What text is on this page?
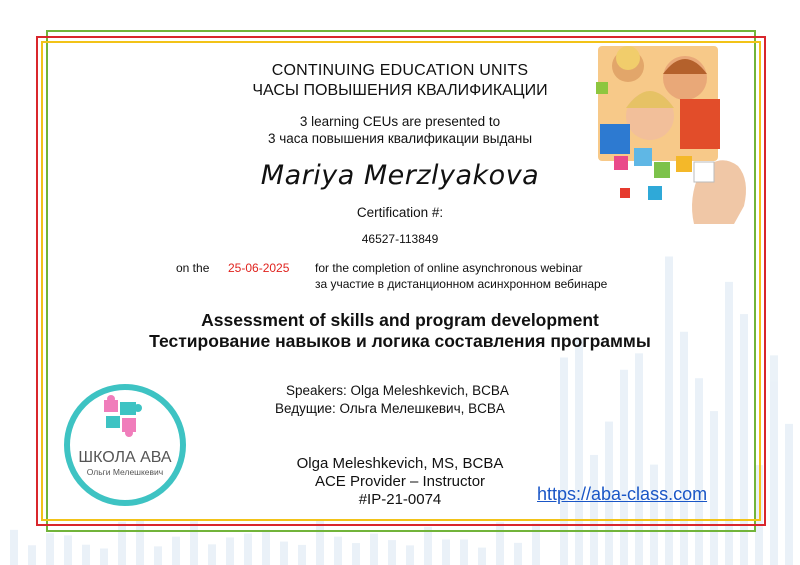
CONTINUING EDUCATION UNITS
ЧАСЫ ПОВЫШЕНИЯ КВАЛИФИКАЦИИ
3 learning CEUs are presented to
3 часа повышения квалификации выданы
Mariya Merzlyakova
Certification #:
46527-113849
on the 25-06-2025 for the completion of online asynchronous webinar
за участие в дистанционном асинхронном вебинаре
Assessment of skills and program development
Тестирование навыков и логика составления программы
Speakers: Olga Meleshkevich, BCBA
Ведущие: Ольга Мелешкевич, BCBA
Olga Meleshkevich, MS, BCBA
ACE Provider – Instructor
#IP-21-0074	https://aba-class.com
ШКОЛА АВА
Ольги Мелешкевич
